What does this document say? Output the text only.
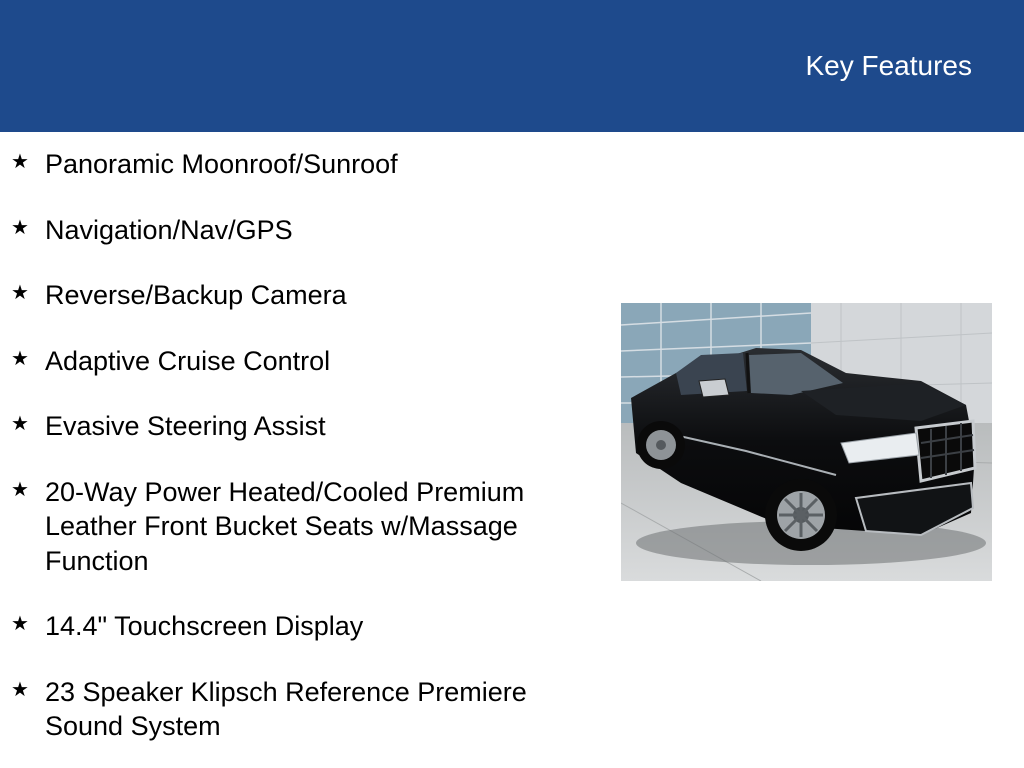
Key Features
★ Panoramic Moonroof/Sunroof
★ Navigation/Nav/GPS
★ Reverse/Backup Camera
★ Adaptive Cruise Control
★ Evasive Steering Assist
★ 20-Way Power Heated/Cooled Premium Leather Front Bucket Seats w/Massage Function
★ 14.4" Touchscreen Display
★ 23 Speaker Klipsch Reference Premiere Sound System
